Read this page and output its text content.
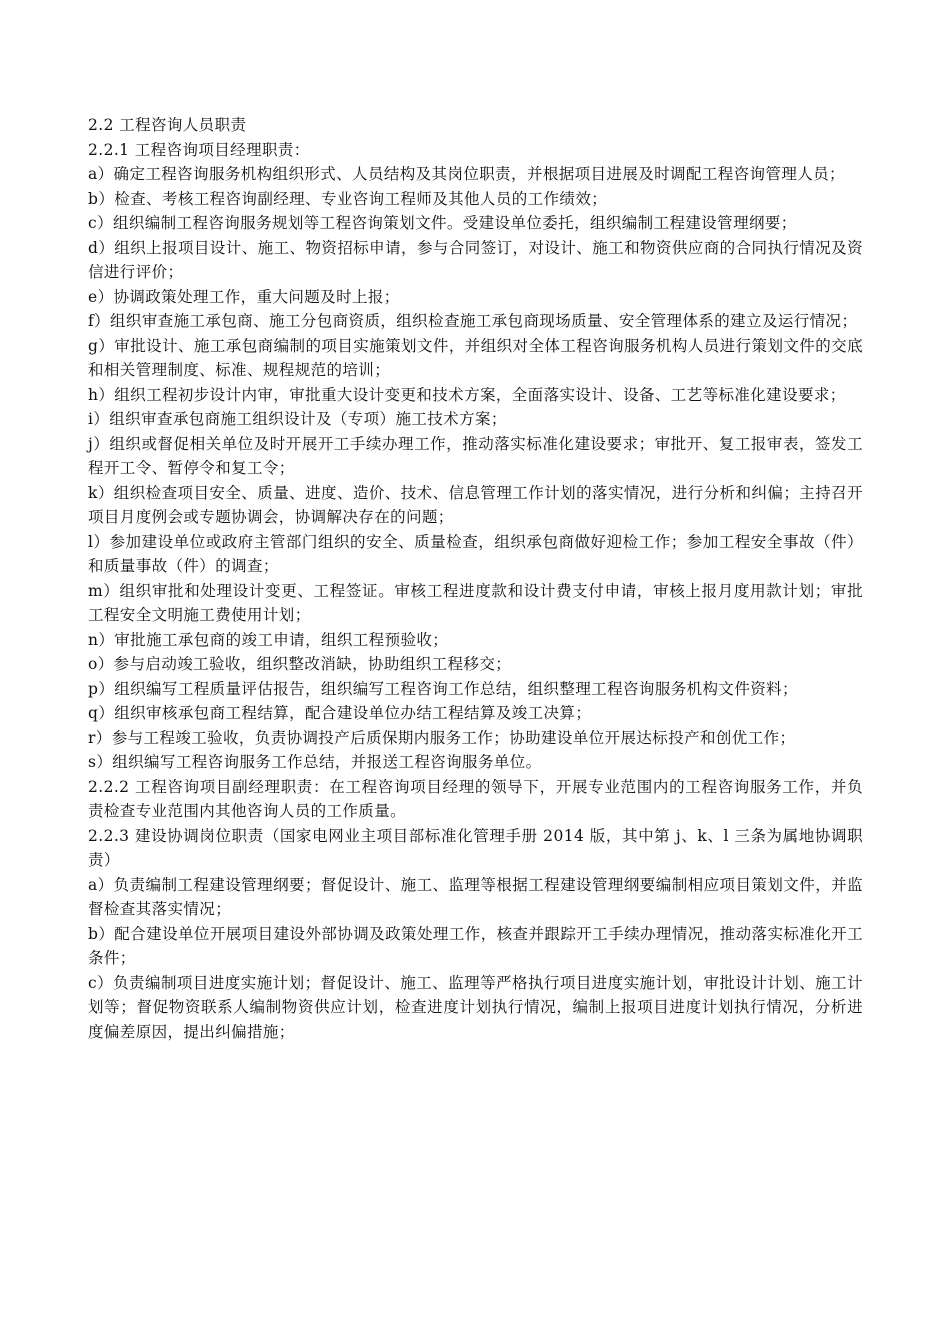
2.2 工程咨询人员职责

2.2.1 工程咨询项目经理职责：

a）确定工程咨询服务机构组织形式、人员结构及其岗位职责，并根据项目进展及时调配工程咨询管理人员；

b）检查、考核工程咨询副经理、专业咨询工程师及其他人员的工作绩效；

c）组织编制工程咨询服务规划等工程咨询策划文件。受建设单位委托，组织编制工程建设管理纲要；

d）组织上报项目设计、施工、物资招标申请，参与合同签订，对设计、施工和物资供应商的合同执行情况及资信进行评价；

e）协调政策处理工作，重大问题及时上报；

f）组织审查施工承包商、施工分包商资质，组织检查施工承包商现场质量、安全管理体系的建立及运行情况；

g）审批设计、施工承包商编制的项目实施策划文件，并组织对全体工程咨询服务机构人员进行策划文件的交底和相关管理制度、标准、规程规范的培训；

h）组织工程初步设计内审，审批重大设计变更和技术方案，全面落实设计、设备、工艺等标准化建设要求；

i）组织审查承包商施工组织设计及（专项）施工技术方案；

j）组织或督促相关单位及时开展开工手续办理工作，推动落实标准化建设要求；审批开、复工报审表，签发工程开工令、暂停令和复工令；

k）组织检查项目安全、质量、进度、造价、技术、信息管理工作计划的落实情况，进行分析和纠偏；主持召开项目月度例会或专题协调会，协调解决存在的问题；

l）参加建设单位或政府主管部门组织的安全、质量检查，组织承包商做好迎检工作；参加工程安全事故（件）和质量事故（件）的调查；

m）组织审批和处理设计变更、工程签证。审核工程进度款和设计费支付申请，审核上报月度用款计划；审批工程安全文明施工费使用计划；

n）审批施工承包商的竣工申请，组织工程预验收；

o）参与启动竣工验收，组织整改消缺，协助组织工程移交；

p）组织编写工程质量评估报告，组织编写工程咨询工作总结，组织整理工程咨询服务机构文件资料；

q）组织审核承包商工程结算，配合建设单位办结工程结算及竣工决算；

r）参与工程竣工验收，负责协调投产后质保期内服务工作；协助建设单位开展达标投产和创优工作；

s）组织编写工程咨询服务工作总结，并报送工程咨询服务单位。

2.2.2 工程咨询项目副经理职责：在工程咨询项目经理的领导下，开展专业范围内的工程咨询服务工作，并负责检查专业范围内其他咨询人员的工作质量。

2.2.3 建设协调岗位职责（国家电网业主项目部标准化管理手册 2014 版，其中第 j、k、l 三条为属地协调职责）

a）负责编制工程建设管理纲要；督促设计、施工、监理等根据工程建设管理纲要编制相应项目策划文件，并监督检查其落实情况；

b）配合建设单位开展项目建设外部协调及政策处理工作，核查并跟踪开工手续办理情况，推动落实标准化开工条件；

c）负责编制项目进度实施计划；督促设计、施工、监理等严格执行项目进度实施计划，审批设计计划、施工计划等；督促物资联系人编制物资供应计划，检查进度计划执行情况，编制上报项目进度计划执行情况，分析进度偏差原因，提出纠偏措施；
